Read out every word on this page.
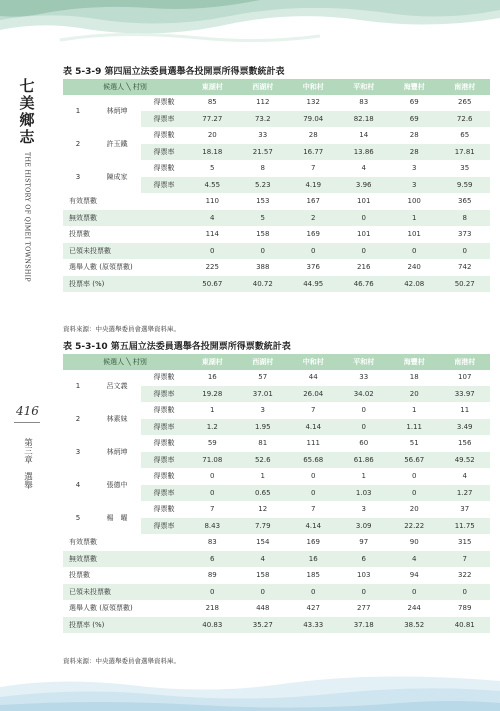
七
美
鄉
志
THE HISTORY OF QIMEI TOWNSHIP
416
第三章
選舉
表 5-3-9 第四屆立法委員選舉各投開票所得票數統計表
候選人 ╲ 村別			東湖村	西湖村	中和村	平和村	海豐村	南港村
1	林炳坤	得票數	85	112	132	83	69	265
		得票率	77.27	73.2	79.04	82.18	69	72.6
2	許玉鐵	得票數	20	33	28	14	28	65
		得票率	18.18	21.57	16.77	13.86	28	17.81
3	陳成家	得票數	5	8	7	4	3	35
		得票率	4.55	5.23	4.19	3.96	3	9.59
有效票數			110	153	167	101	100	365
無效票數			4	5	2	0	1	8
投票數			114	158	169	101	101	373
已領未投票數			0	0	0	0	0	0
選舉人數 (原領票數)			225	388	376	216	240	742
投票率 (%)			50.67	40.72	44.95	46.76	42.08	50.27
資料來源：中央選舉委員會選舉資料庫。
表 5-3-10 第五屆立法委員選舉各投開票所得票數統計表
候選人 ╲ 村別			東湖村	西湖村	中和村	平和村	海豐村	南港村
1	呂文義	得票數	16	57	44	33	18	107
		得票率	19.28	37.01	26.04	34.02	20	33.97
2	林素妹	得票數	1	3	7	0	1	11
		得票率	1.2	1.95	4.14	0	1.11	3.49
3	林炳坤	得票數	59	81	111	60	51	156
		得票率	71.08	52.6	65.68	61.86	56.67	49.52
4	張德中	得票數	0	1	0	1	0	4
		得票率	0	0.65	0	1.03	0	1.27
5	楊　曜	得票數	7	12	7	3	20	37
		得票率	8.43	7.79	4.14	3.09	22.22	11.75
有效票數			83	154	169	97	90	315
無效票數			6	4	16	6	4	7
投票數			89	158	185	103	94	322
已領未投票數			0	0	0	0	0	0
選舉人數 (原領票數)			218	448	427	277	244	789
投票率 (%)			40.83	35.27	43.33	37.18	38.52	40.81
資料來源：中央選舉委員會選舉資料庫。
